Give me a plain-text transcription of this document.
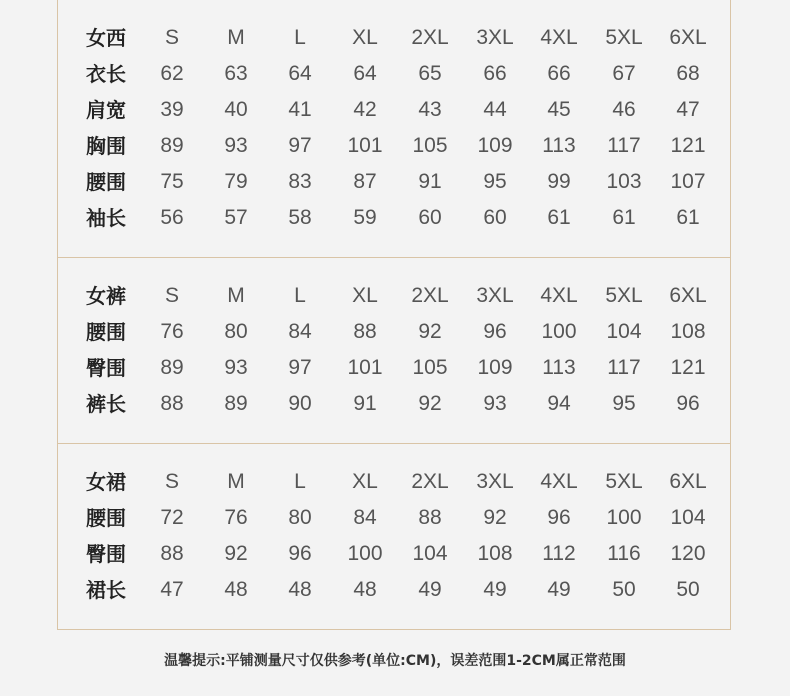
女西	S	M	L	XL	2XL	3XL	4XL	5XL	6XL
衣长	62	63	64	64	65	66	66	67	68
肩宽	39	40	41	42	43	44	45	46	47
胸围	89	93	97	101	105	109	113	117	121
腰围	75	79	83	87	91	95	99	103	107
袖长	56	57	58	59	60	60	61	61	61
女裤	S	M	L	XL	2XL	3XL	4XL	5XL	6XL
腰围	76	80	84	88	92	96	100	104	108
臀围	89	93	97	101	105	109	113	117	121
裤长	88	89	90	91	92	93	94	95	96
女裙	S	M	L	XL	2XL	3XL	4XL	5XL	6XL
腰围	72	76	80	84	88	92	96	100	104
臀围	88	92	96	100	104	108	112	116	120
裙长	47	48	48	48	49	49	49	50	50
温馨提示:平铺测量尺寸仅供参考(单位:CM)，误差范围1-2CM属正常范围
